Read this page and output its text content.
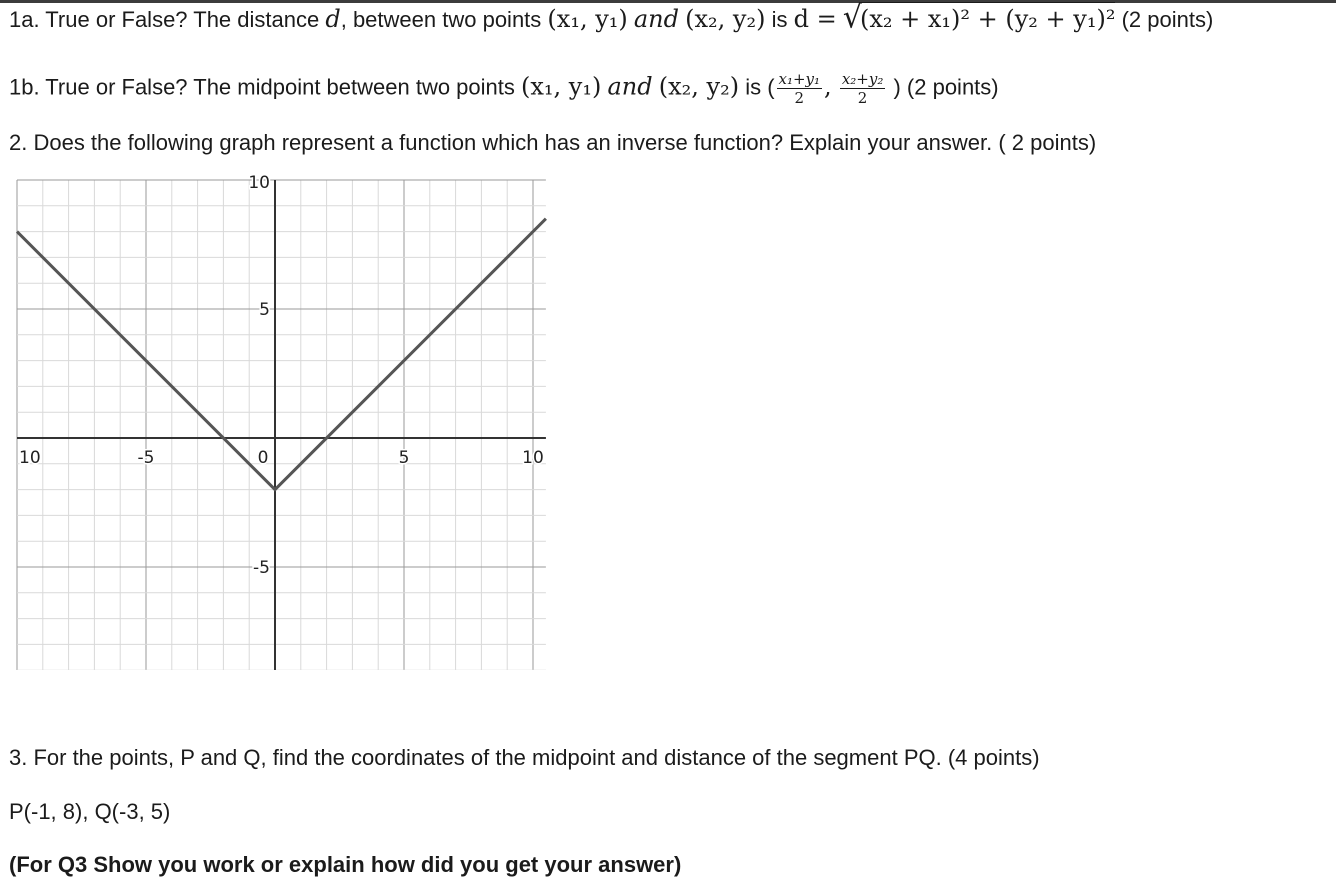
1a. True or False? The distance d, between two points (x₁, y₁) and (x₂, y₂) is d = √(x₂ + x₁)² + (y₂ + y₁)² (2 points)
1b. True or False? The midpoint between two points (x₁, y₁) and (x₂, y₂) is ( $\frac{\text{x₁+y₁}}{2}$ , $\frac{\text{x₂+y₂}}{2}$ ) (2 points)
2. Does the following graph represent a function which has an inverse function? Explain your answer. ( 2 points)
10	-5	0	5	10
10
5
-5
3. For the points, P and Q, find the coordinates of the midpoint and distance of the segment PQ. (4 points)
P(-1, 8), Q(-3, 5)
(For Q3 Show you work or explain how did you get your answer)
